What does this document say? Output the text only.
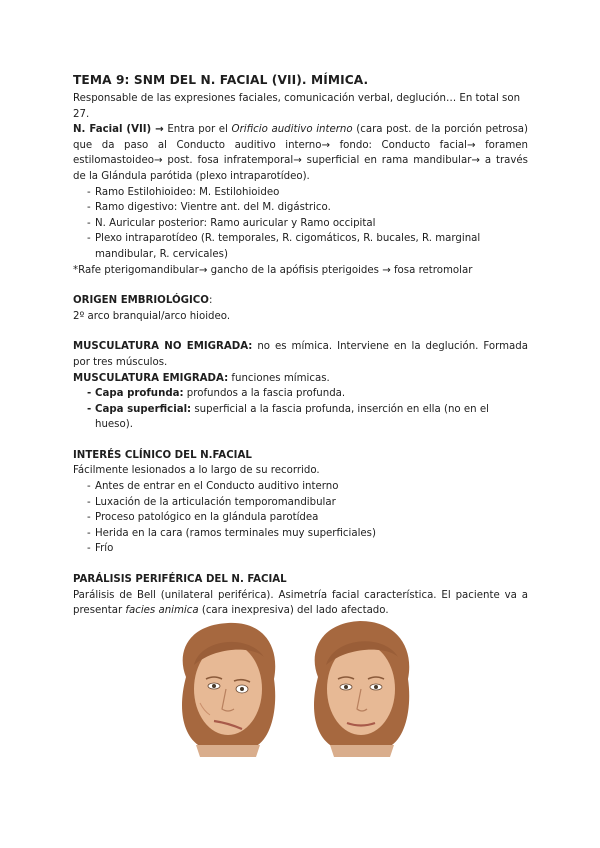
TEMA 9: SNM DEL N. FACIAL (VII). MÍMICA.

Responsable de las expresiones faciales, comunicación verbal, deglución… En total son 27.

N. Facial (VII) → Entra por el Orificio auditivo interno (cara post. de la porción petrosa) que da paso al Conducto auditivo interno→ fondo: Conducto facial→ foramen estilomastoideo→ post. fosa infratemporal→ superficial en rama mandibular→ a través de la Glándula parótida (plexo intraparotídeo).

- Ramo Estilohioideo: M. Estilohioideo
- Ramo digestivo: Vientre ant. del M. digástrico.
- N. Auricular posterior: Ramo auricular y Ramo occipital
- Plexo intraparotídeo (R. temporales, R. cigomáticos, R. bucales, R. marginal mandibular, R. cervicales)

*Rafe pterigomandibular→ gancho de la apófisis pterigoides → fosa retromolar

ORIGEN EMBRIOLÓGICO:

2º arco branquial/arco hioideo.

MUSCULATURA NO EMIGRADA: no es mímica. Interviene en la deglución. Formada por tres músculos.

MUSCULATURA EMIGRADA: funciones mímicas.

- Capa profunda: profundos a la fascia profunda.
- Capa superficial: superficial a la fascia profunda, inserción en ella (no en el hueso).

INTERÉS CLÍNICO DEL N.FACIAL

Fácilmente lesionados a lo largo de su recorrido.

- Antes de entrar en el Conducto auditivo interno
- Luxación de la articulación temporomandibular
- Proceso patológico en la glándula parotídea
- Herida en la cara (ramos terminales muy superficiales)
- Frío

PARÁLISIS PERIFÉRICA DEL N. FACIAL

Parálisis de Bell (unilateral periférica). Asimetría facial característica. El paciente va a presentar facies animica (cara inexpresiva) del lado afectado.
